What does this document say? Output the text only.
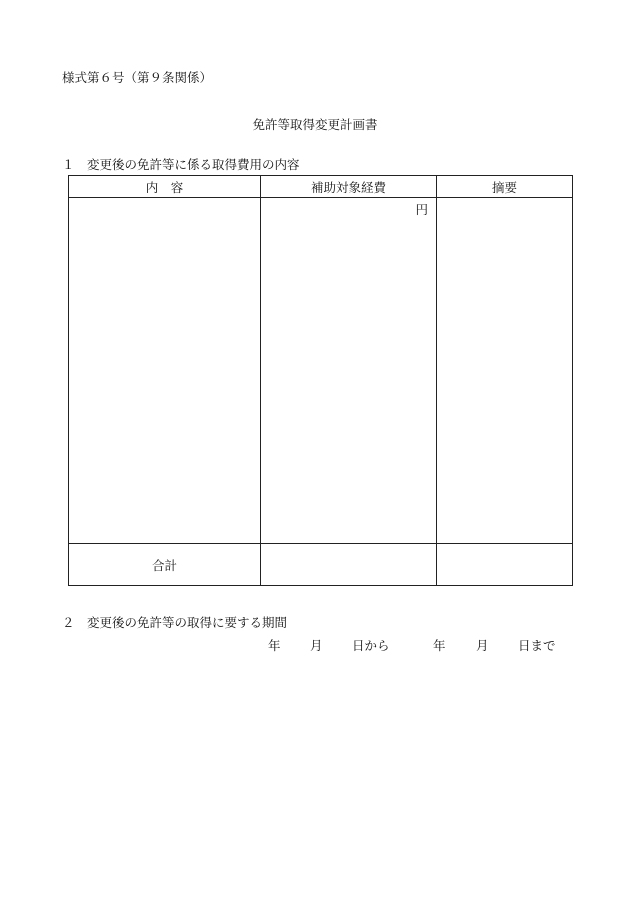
様式第６号（第９条関係）
免許等取得変更計画書
１　変更後の免許等に係る取得費用の内容
内　容	補助対象経費	摘要

	円	

合計		
２　変更後の免許等の取得に要する期間
年 月 日から	年 月 日まで
